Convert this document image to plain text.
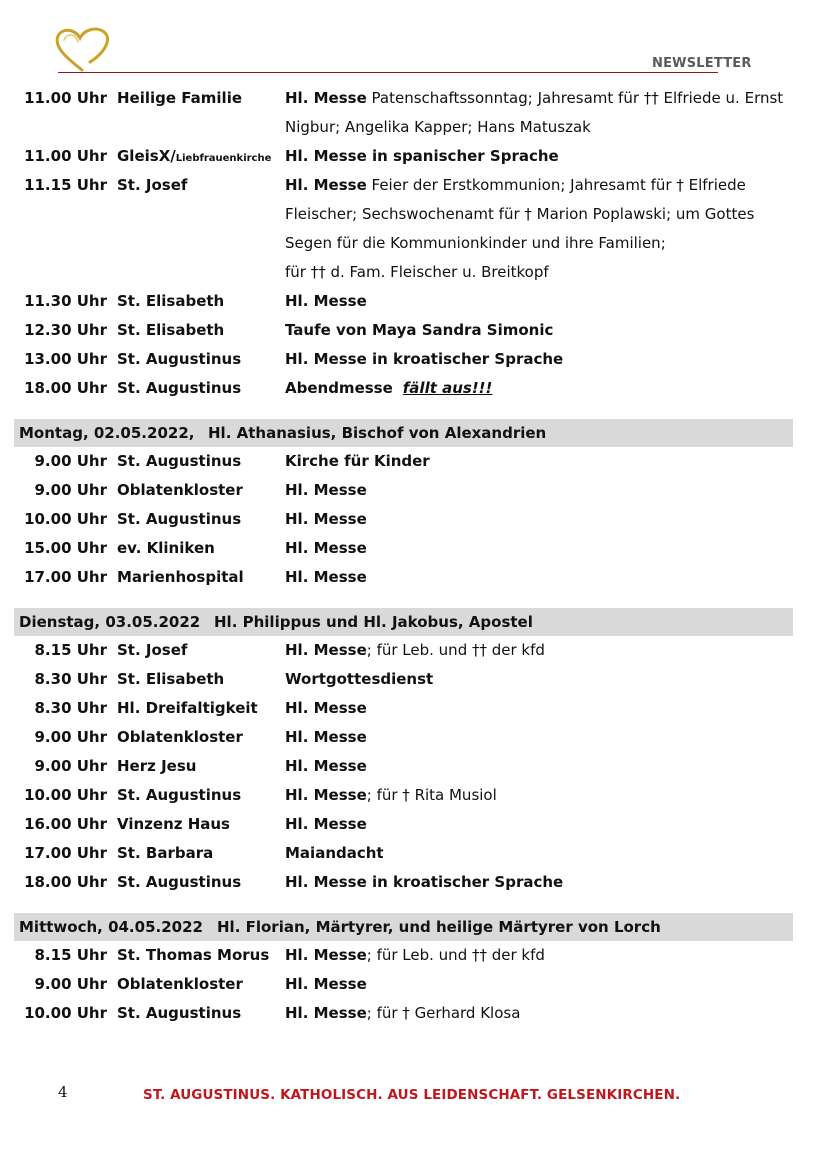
NEWSLETTER
11.00 Uhr Heilige Familie	Hl. Messe Patenschaftssonntag; Jahresamt für †† Elfriede u. Ernst
Nigbur; Angelika Kapper; Hans Matuszak
11.00 Uhr GleisX/Liebfrauenkirche Hl. Messe in spanischer Sprache
11.15 Uhr St. Josef	Hl. Messe Feier der Erstkommunion; Jahresamt für † Elfriede
Fleischer; Sechswochenamt für † Marion Poplawski; um Gottes
Segen für die Kommunionkinder und ihre Familien;
für †† d. Fam. Fleischer u. Breitkopf
11.30 Uhr St. Elisabeth	Hl. Messe
12.30 Uhr St. Elisabeth	Taufe von Maya Sandra Simonic
13.00 Uhr St. Augustinus	Hl. Messe in kroatischer Sprache
18.00 Uhr St. Augustinus	Abendmesse fällt aus!!!
Montag, 02.05.2022, Hl. Athanasius, Bischof von Alexandrien
9.00 Uhr St. Augustinus	Kirche für Kinder
9.00 Uhr Oblatenkloster	Hl. Messe
10.00 Uhr St. Augustinus	Hl. Messe
15.00 Uhr ev. Kliniken	Hl. Messe
17.00 Uhr Marienhospital	Hl. Messe
Dienstag, 03.05.2022 Hl. Philippus und Hl. Jakobus, Apostel
8.15 Uhr St. Josef	Hl. Messe; für Leb. und †† der kfd
8.30 Uhr St. Elisabeth	Wortgottesdienst
8.30 Uhr Hl. Dreifaltigkeit Hl. Messe
9.00 Uhr Oblatenkloster	Hl. Messe
9.00 Uhr Herz Jesu	Hl. Messe
10.00 Uhr St. Augustinus	Hl. Messe; für † Rita Musiol
16.00 Uhr Vinzenz Haus	Hl. Messe
17.00 Uhr St. Barbara	Maiandacht
18.00 Uhr St. Augustinus	Hl. Messe in kroatischer Sprache
Mittwoch, 04.05.2022 Hl. Florian, Märtyrer, und heilige Märtyrer von Lorch
8.15 Uhr St. Thomas Morus Hl. Messe; für Leb. und †† der kfd
9.00 Uhr Oblatenkloster	Hl. Messe
10.00 Uhr St. Augustinus	Hl. Messe; für † Gerhard Klosa
4	ST. AUGUSTINUS. KATHOLISCH. AUS LEIDENSCHAFT. GELSENKIRCHEN.
